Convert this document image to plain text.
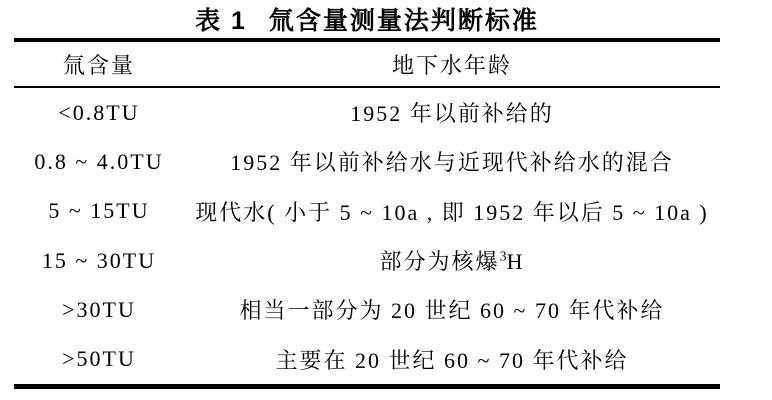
表 1 氚含量测量法判断标准
氚含量	地下水年龄
<0.8TU	1952 年以前补给的
0.8 ~ 4.0TU	1952 年以前补给水与近现代补给水的混合
5 ~ 15TU	现代水( 小于 5 ~ 10a , 即 1952 年以后 5 ~ 10a )
15 ~ 30TU	部分为核爆$^3$H
>30TU	相当一部分为 20 世纪 60 ~ 70 年代补给
>50TU	主要在 20 世纪 60 ~ 70 年代补给
